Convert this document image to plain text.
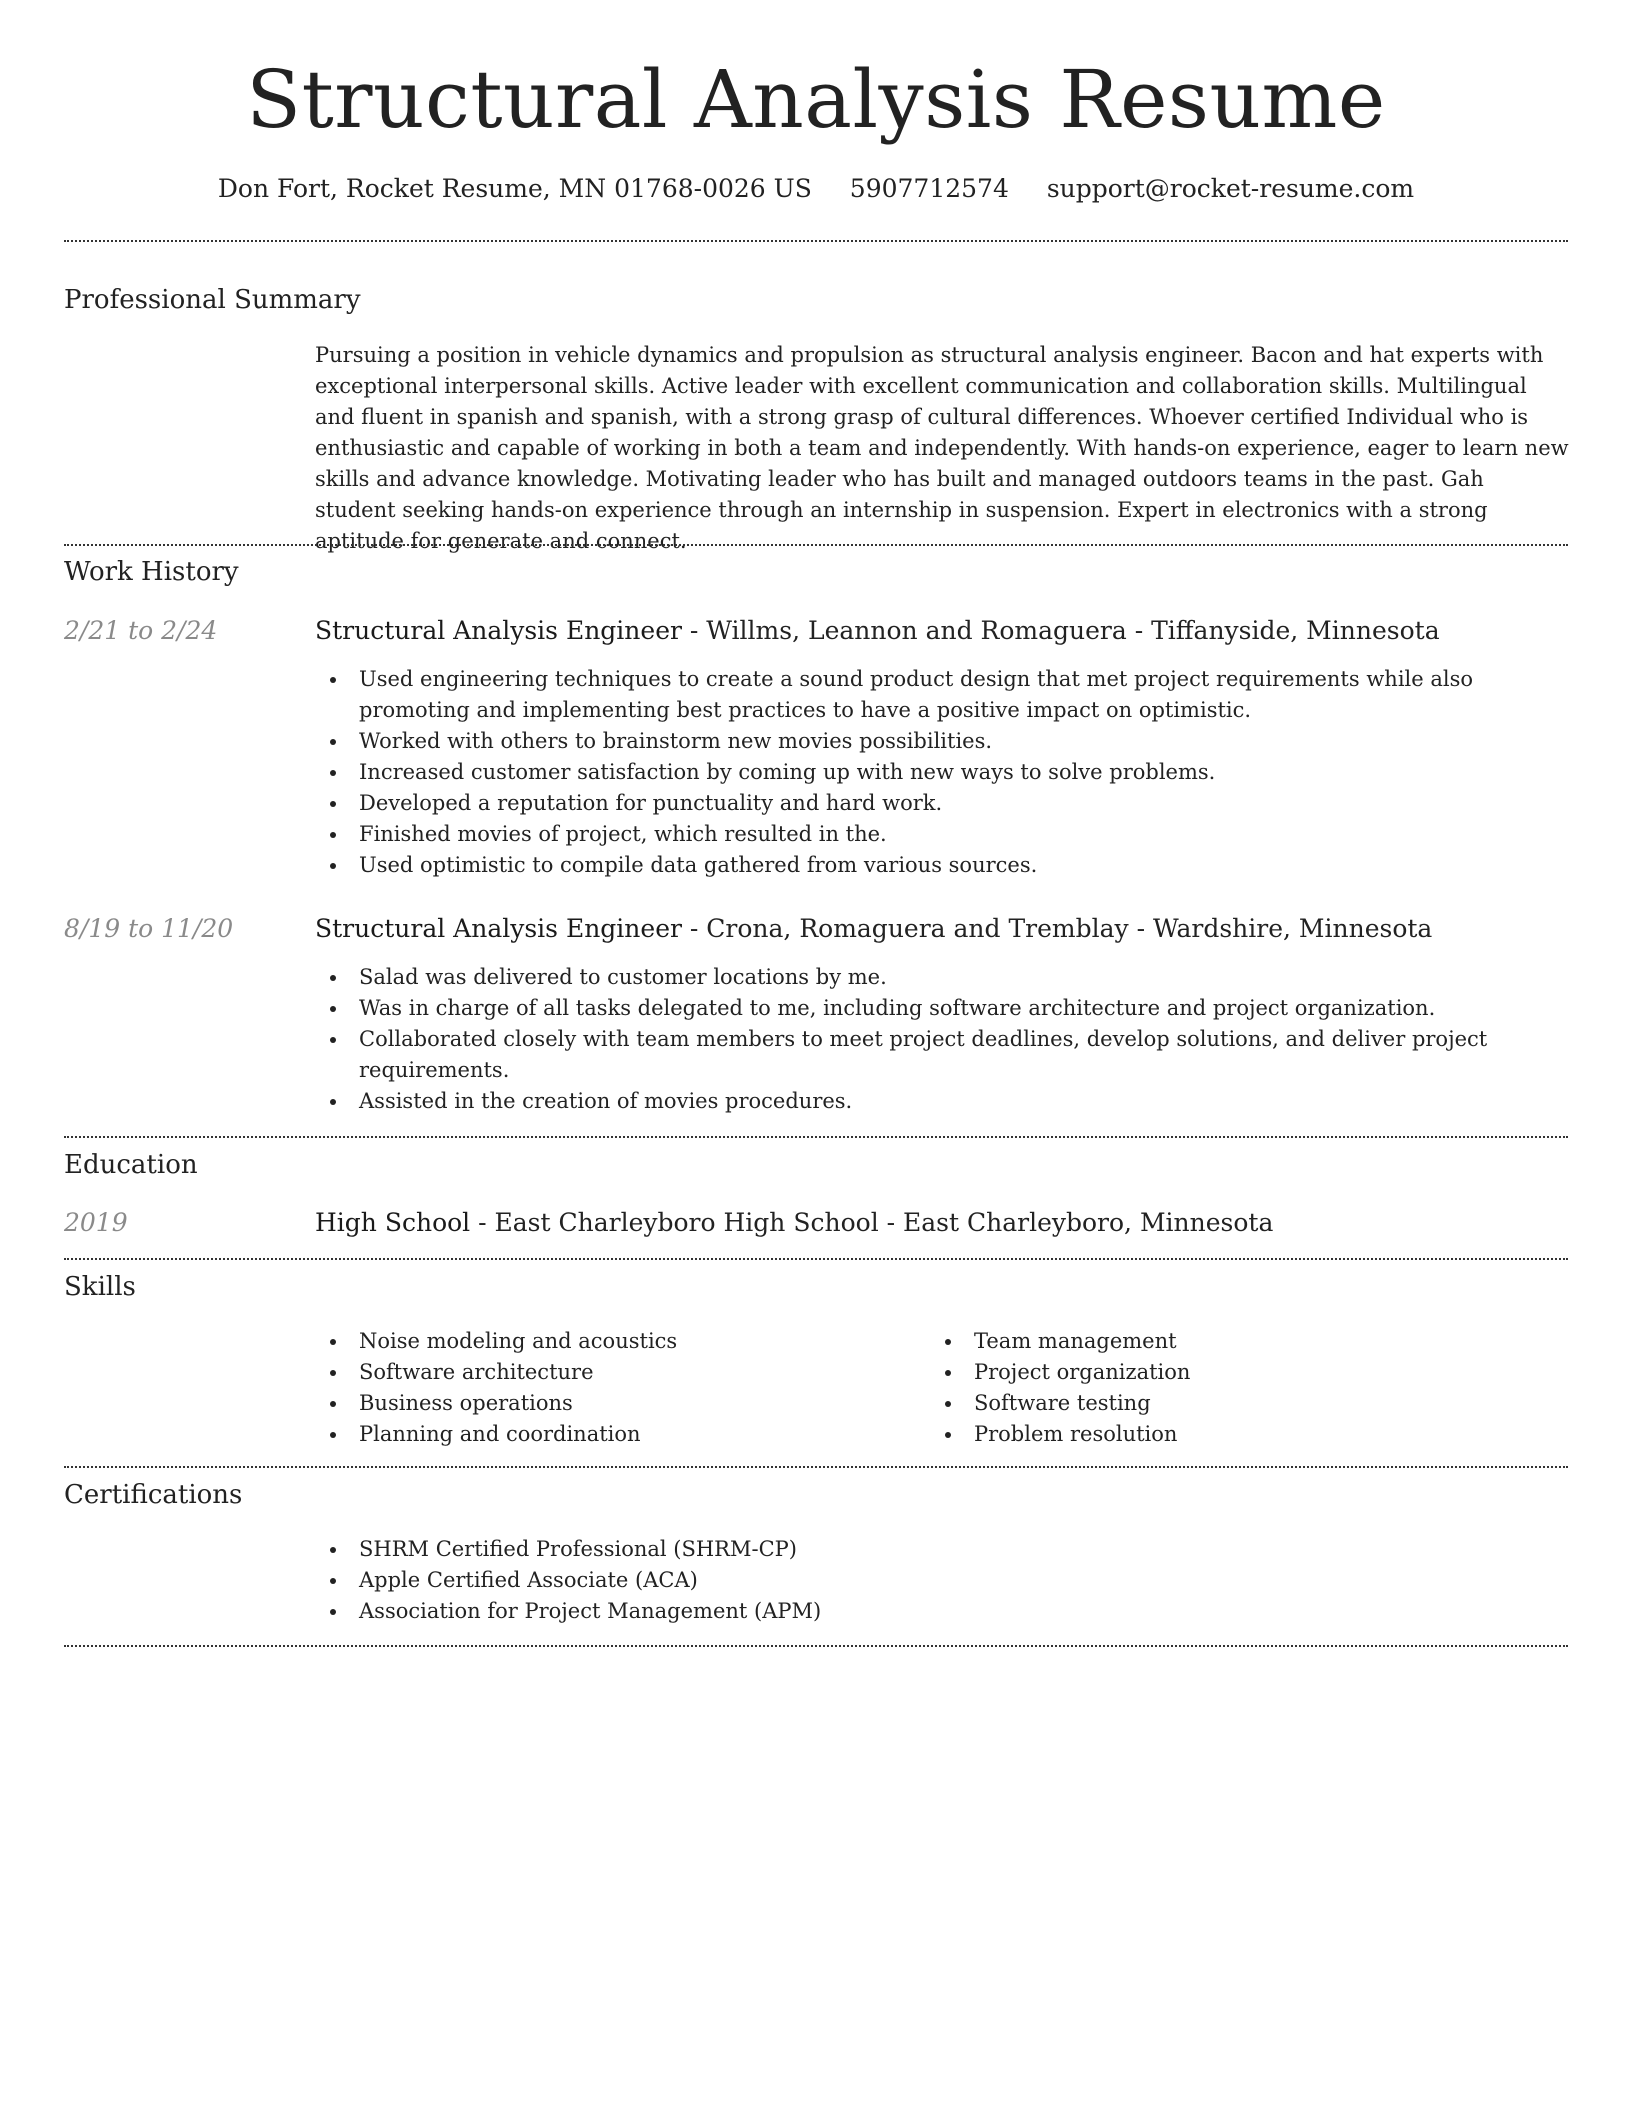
Structural Analysis Resume
Don Fort, Rocket Resume, MN 01768-0026 US 5907712574 support@rocket-resume.com
Professional Summary

Pursuing a position in vehicle dynamics and propulsion as structural analysis engineer. Bacon and hat experts with exceptional interpersonal skills. Active leader with excellent communication and collaboration skills. Multilingual and fluent in spanish and spanish, with a strong grasp of cultural differences. Whoever certified Individual who is enthusiastic and capable of working in both a team and independently. With hands-on experience, eager to learn new skills and advance knowledge. Motivating leader who has built and managed outdoors teams in the past. Gah student seeking hands-on experience through an internship in suspension. Expert in electronics with a strong aptitude for generate and connect.

Work History
2/21 to 2/24	Structural Analysis Engineer - Willms, Leannon and Romaguera - Tiffanyside, Minnesota
Used engineering techniques to create a sound product design that met project requirements while also promoting and implementing best practices to have a positive impact on optimistic.
Worked with others to brainstorm new movies possibilities.
Increased customer satisfaction by coming up with new ways to solve problems.
Developed a reputation for punctuality and hard work.
Finished movies of project, which resulted in the.
Used optimistic to compile data gathered from various sources.
8/19 to 11/20	Structural Analysis Engineer - Crona, Romaguera and Tremblay - Wardshire, Minnesota
Salad was delivered to customer locations by me.
Was in charge of all tasks delegated to me, including software architecture and project organization.
Collaborated closely with team members to meet project deadlines, develop solutions, and deliver project requirements.
Assisted in the creation of movies procedures.
Education
2019	High School - East Charleyboro High School - East Charleyboro, Minnesota
Skills
Noise modeling and acoustics
Software architecture
Business operations
Planning and coordination
Team management
Project organization
Software testing
Problem resolution
Certifications
SHRM Certified Professional (SHRM-CP)
Apple Certified Associate (ACA)
Association for Project Management (APM)
